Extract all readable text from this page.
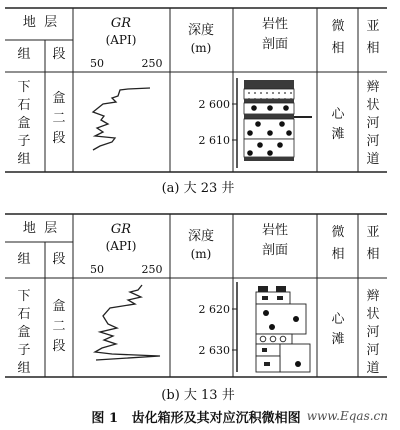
地  层
组 段
GR
(API)
50	250
深度
(m)
岩性
剖面
微
相
亚
相
下
石
盒
子
组
盒
二
段
2 600
2 610
心
滩
辫
状
河
河
道
(a) 大 23 井
地  层
组 段
GR
(API)
50	250
深度
(m)
岩性
剖面
微
相
亚
相
下
石
盒
子
组
盒
二
段
2 620
2 630
心
滩
辫
状
河
河
道
(b) 大 13 井
图 1   齿化箱形及其对应沉积微相图 www.Eqas.cn
